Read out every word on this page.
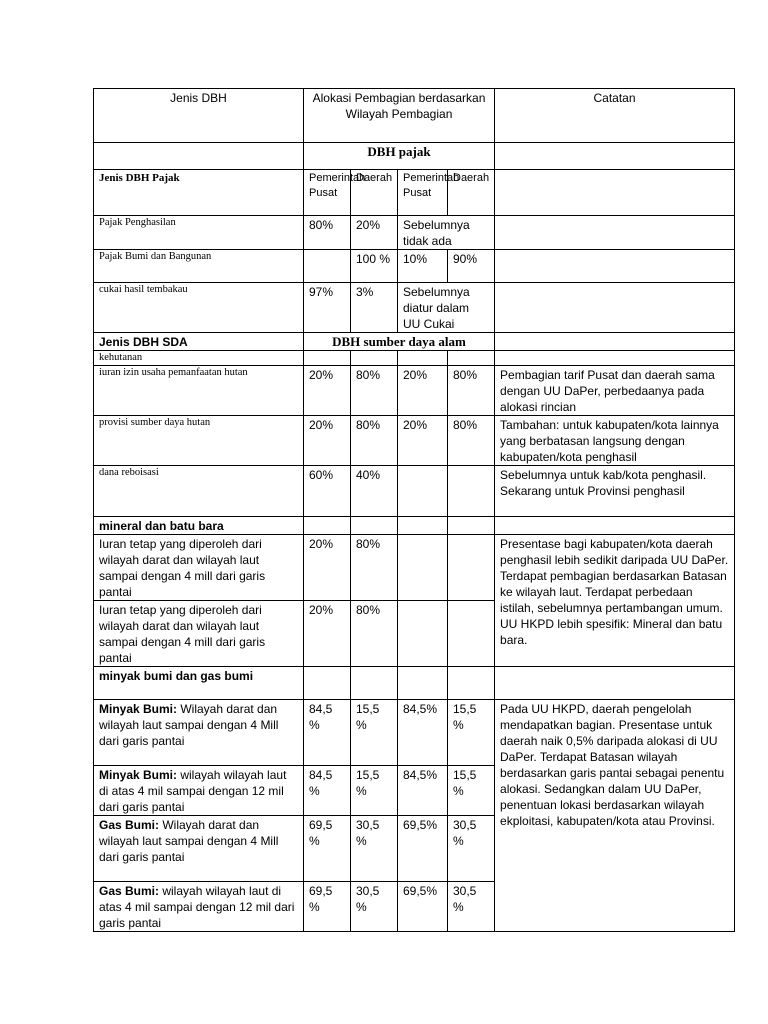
Jenis DBH	Alokasi Pembagian berdasarkan Wilayah Pembagian				Catatan
	DBH pajak				
Jenis DBH Pajak	Pemerintah Pusat	Daerah	Pemerintah Pusat	Daerah	
Pajak Penghasilan	80%	20%	Sebelumnya tidak ada		
Pajak Bumi dan Bangunan		100 %	10%	90%	
cukai hasil tembakau	97%	3%	Sebelumnya diatur dalam UU Cukai		
Jenis DBH SDA	DBH sumber daya alam				
kehutanan					
iuran izin usaha pemanfaatan hutan	20%	80%	20%	80%	Pembagian tarif Pusat dan daerah sama dengan UU DaPer, perbedaanya pada alokasi rincian
provisi sumber daya hutan	20%	80%	20%	80%	Tambahan: untuk kabupaten/kota lainnya yang berbatasan langsung dengan kabupaten/kota penghasil
dana reboisasi	60%	40%			Sebelumnya untuk kab/kota penghasil. Sekarang untuk Provinsi penghasil
mineral dan batu bara					
Iuran tetap yang diperoleh dari wilayah darat dan wilayah laut sampai dengan 4 mill dari garis pantai	20%	80%			Presentase bagi kabupaten/kota daerah penghasil lebih sedikit daripada UU DaPer. Terdapat pembagian berdasarkan Batasan ke wilayah laut. Terdapat perbedaan istilah, sebelumnya pertambangan umum. UU HKPD lebih spesifik: Mineral dan batu bara.
Iuran tetap yang diperoleh dari wilayah darat dan wilayah laut sampai dengan 4 mill dari garis pantai	20%	80%			
minyak bumi dan gas bumi					
Minyak Bumi: Wilayah darat dan wilayah laut sampai dengan 4 Mill dari garis pantai	84,5 %	15,5 %	84,5%	15,5 %	Pada UU HKPD, daerah pengelolah mendapatkan bagian. Presentase untuk daerah naik 0,5% daripada alokasi di UU DaPer. Terdapat Batasan wilayah berdasarkan garis pantai sebagai penentu alokasi. Sedangkan dalam UU DaPer, penentuan lokasi berdasarkan wilayah ekploitasi, kabupaten/kota atau Provinsi.
Minyak Bumi: wilayah wilayah laut di atas 4 mil sampai dengan 12 mil dari garis pantai	84,5 %	15,5 %	84,5%	15,5 %	
Gas Bumi: Wilayah darat dan wilayah laut sampai dengan 4 Mill dari garis pantai	69,5 %	30,5 %	69,5%	30,5 %	
Gas Bumi: wilayah wilayah laut di atas 4 mil sampai dengan 12 mil dari garis pantai	69,5 %	30,5 %	69,5%	30,5 %	
